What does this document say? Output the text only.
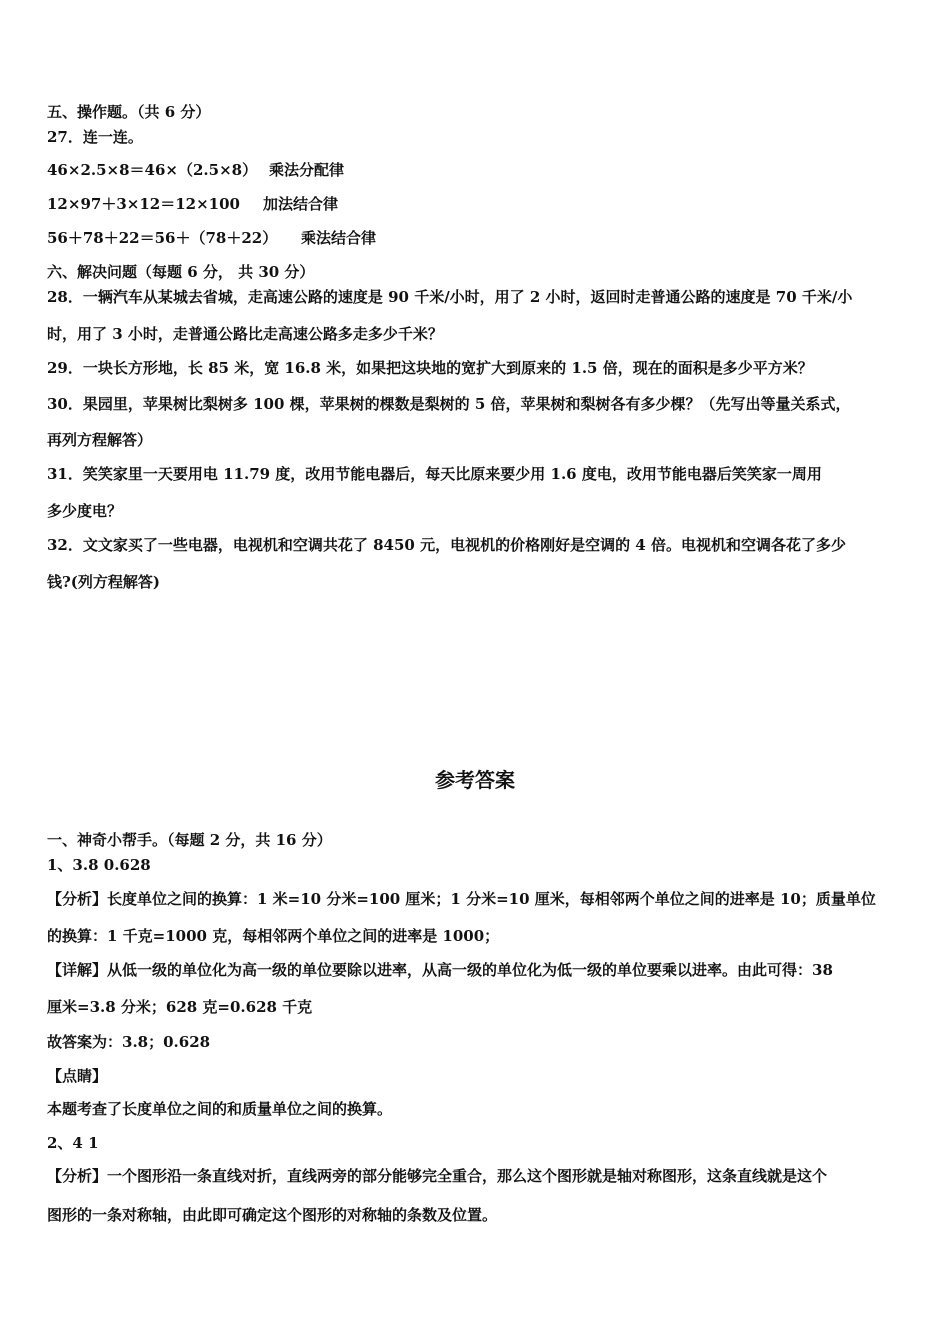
五、操作题。（共 6 分）

27．连一连。

46×2.5×8＝46×（2.5×8） 乘法分配律
12×97＋3×12＝12×100 加法结合律
56＋78＋22＝56＋（78＋22） 乘法结合律

六、解决问题（每题 6 分， 共 30 分）

28．一辆汽车从某城去省城，走高速公路的速度是 90 千米/小时，用了 2 小时，返回时走普通公路的速度是 70 千米/小

时，用了 3 小时，走普通公路比走高速公路多走多少千米？

29．一块长方形地，长 85 米，宽 16.8 米，如果把这块地的宽扩大到原来的 1.5 倍，现在的面积是多少平方米？

30．果园里，苹果树比梨树多 100 棵，苹果树的棵数是梨树的 5 倍，苹果树和梨树各有多少棵？（先写出等量关系式，

再列方程解答）

31．笑笑家里一天要用电 11.79 度，改用节能电器后，每天比原来要少用 1.6 度电，改用节能电器后笑笑家一周用

多少度电？

32．文文家买了一些电器，电视机和空调共花了 8450 元，电视机的价格刚好是空调的 4 倍。电视机和空调各花了多少

钱?(列方程解答)

参考答案

一、神奇小帮手。（每题 2 分，共 16 分）

1、3.8 0.628

【分析】长度单位之间的换算：1 米=10 分米=100 厘米；1 分米=10 厘米，每相邻两个单位之间的进率是 10；质量单位

的换算：1 千克=1000 克，每相邻两个单位之间的进率是 1000；

【详解】从低一级的单位化为高一级的单位要除以进率，从高一级的单位化为低一级的单位要乘以进率。由此可得：38

厘米=3.8 分米；628 克=0.628 千克

故答案为：3.8；0.628

【点睛】

本题考查了长度单位之间的和质量单位之间的换算。

2、4 1

【分析】一个图形沿一条直线对折，直线两旁的部分能够完全重合，那么这个图形就是轴对称图形，这条直线就是这个

图形的一条对称轴，由此即可确定这个图形的对称轴的条数及位置。
